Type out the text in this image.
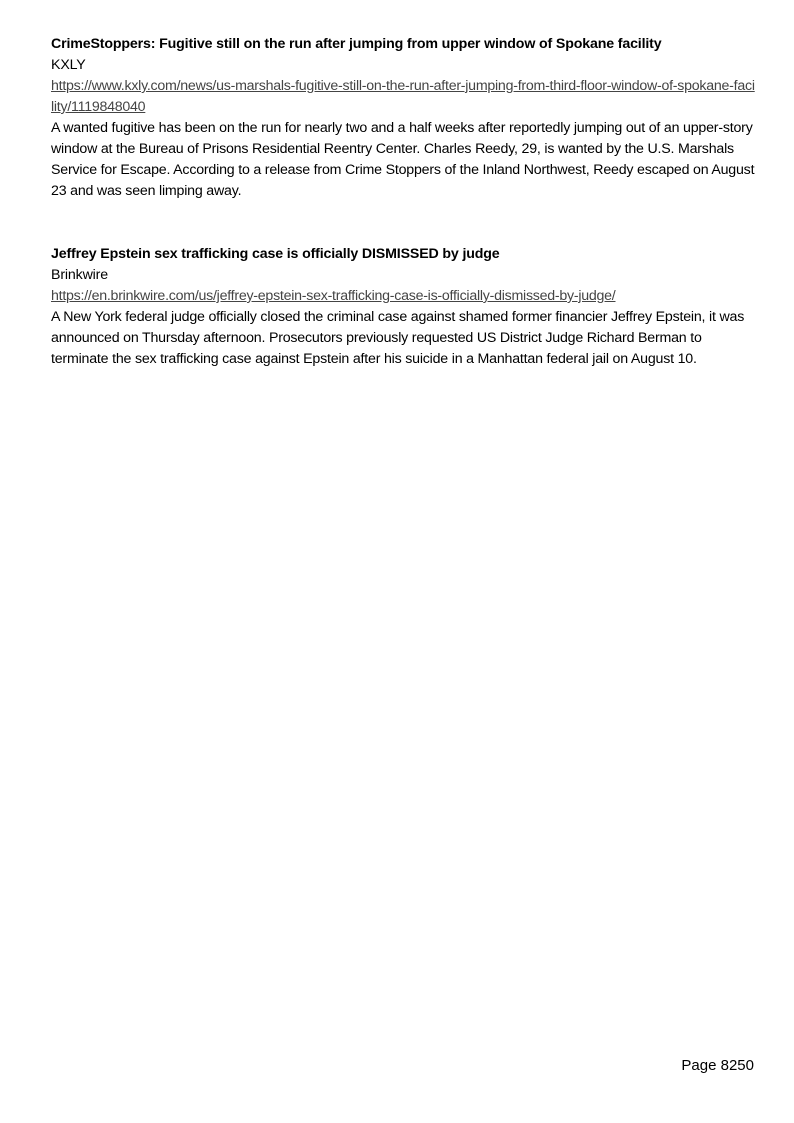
CrimeStoppers: Fugitive still on the run after jumping from upper window of Spokane facility

KXLY

https://www.kxly.com/news/us-marshals-fugitive-still-on-the-run-after-jumping-from-third-floor-window-of-spokane-facility/1119848040

A wanted fugitive has been on the run for nearly two and a half weeks after reportedly jumping out of an upper-story window at the Bureau of Prisons Residential Reentry Center. Charles Reedy, 29, is wanted by the U.S. Marshals Service for Escape. According to a release from Crime Stoppers of the Inland Northwest, Reedy escaped on August 23 and was seen limping away.

Jeffrey Epstein sex trafficking case is officially DISMISSED by judge

Brinkwire

https://en.brinkwire.com/us/jeffrey-epstein-sex-trafficking-case-is-officially-dismissed-by-judge/

A New York federal judge officially closed the criminal case against shamed former financier Jeffrey Epstein, it was announced on Thursday afternoon. Prosecutors previously requested US District Judge Richard Berman to terminate the sex trafficking case against Epstein after his suicide in a Manhattan federal jail on August 10.

Page 8250
